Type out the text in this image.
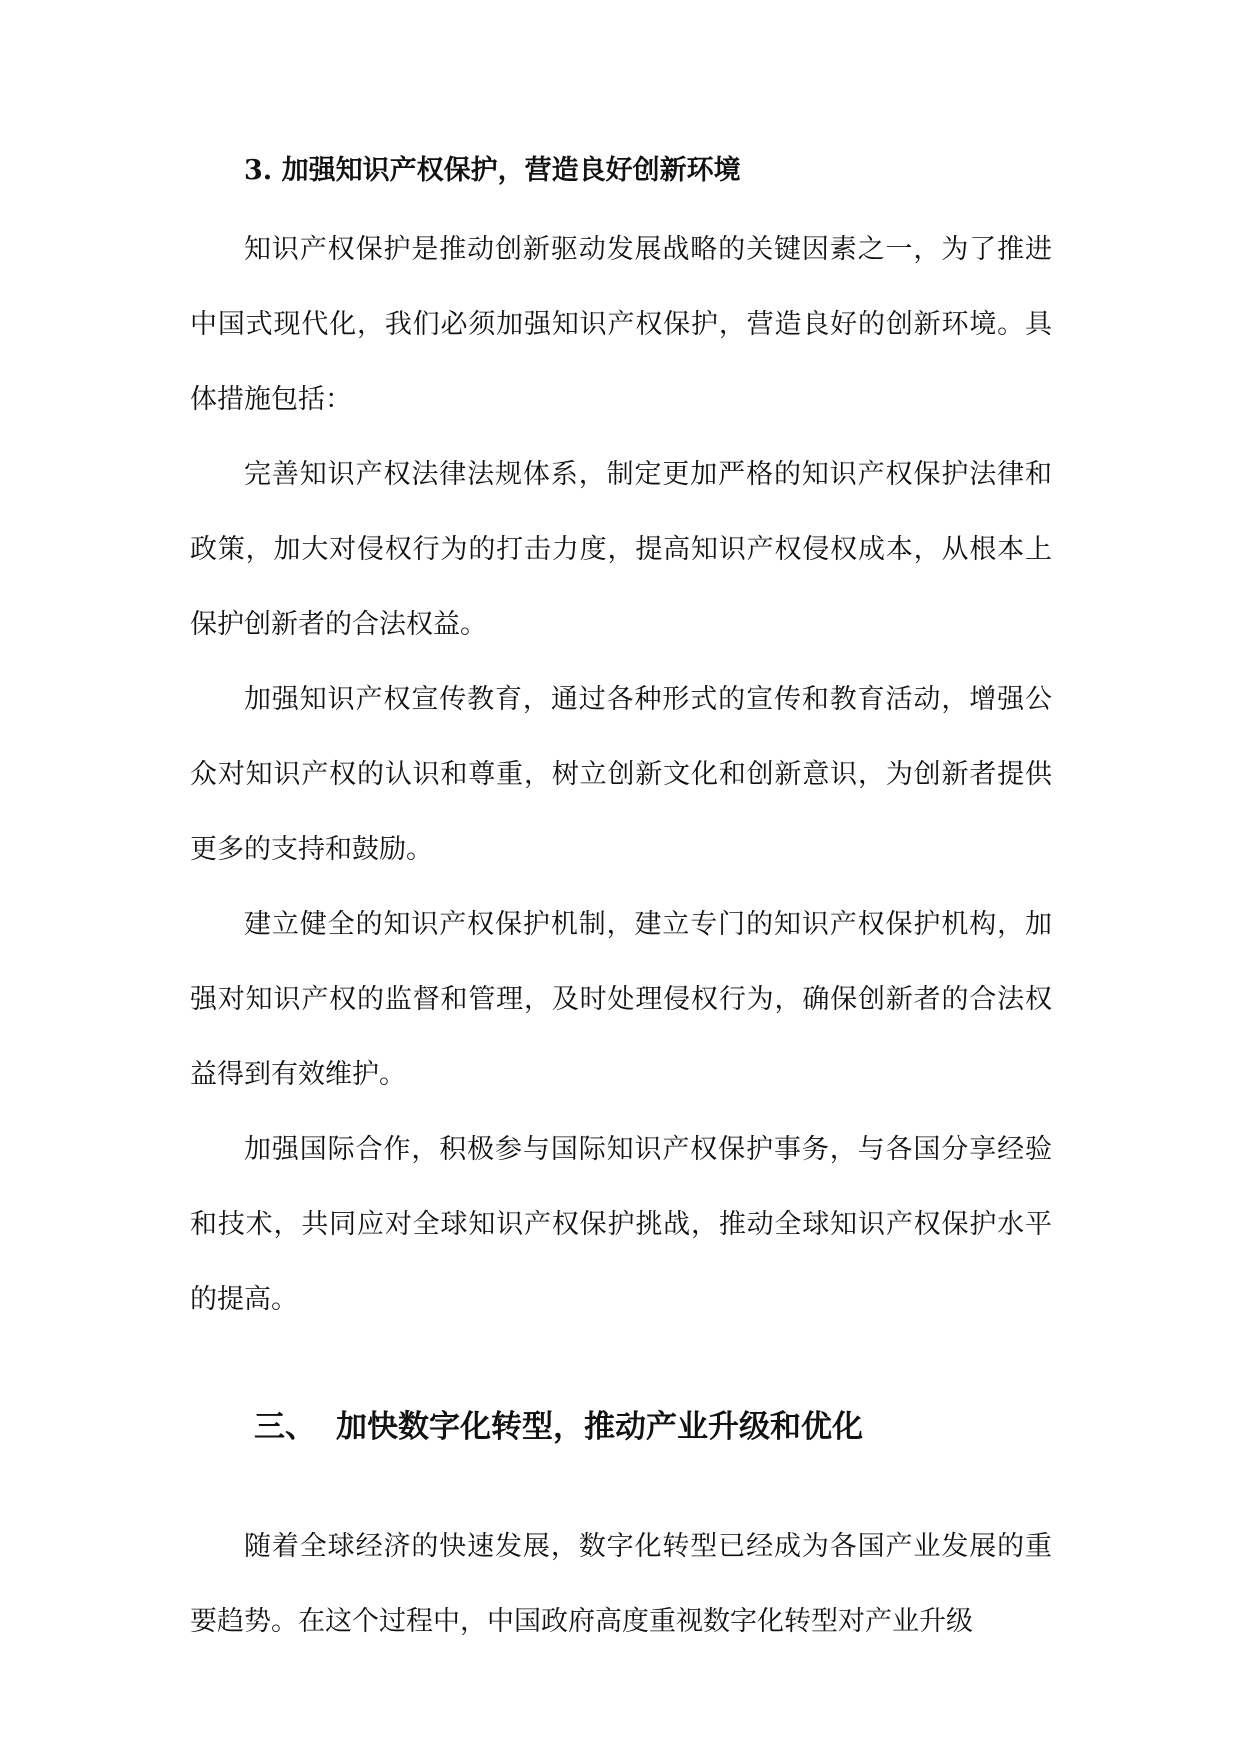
3. 加强知识产权保护，营造良好创新环境

知识产权保护是推动创新驱动发展战略的关键因素之一，为了推进中国式现代化，我们必须加强知识产权保护，营造良好的创新环境。具体措施包括：

完善知识产权法律法规体系，制定更加严格的知识产权保护法律和政策，加大对侵权行为的打击力度，提高知识产权侵权成本，从根本上保护创新者的合法权益。

加强知识产权宣传教育，通过各种形式的宣传和教育活动，增强公众对知识产权的认识和尊重，树立创新文化和创新意识，为创新者提供更多的支持和鼓励。

建立健全的知识产权保护机制，建立专门的知识产权保护机构，加强对知识产权的监督和管理，及时处理侵权行为，确保创新者的合法权益得到有效维护。

加强国际合作，积极参与国际知识产权保护事务，与各国分享经验和技术，共同应对全球知识产权保护挑战，推动全球知识产权保护水平的提高。

三、 加快数字化转型，推动产业升级和优化

随着全球经济的快速发展，数字化转型已经成为各国产业发展的重要趋势。在这个过程中，中国政府高度重视数字化转型对产业升级
